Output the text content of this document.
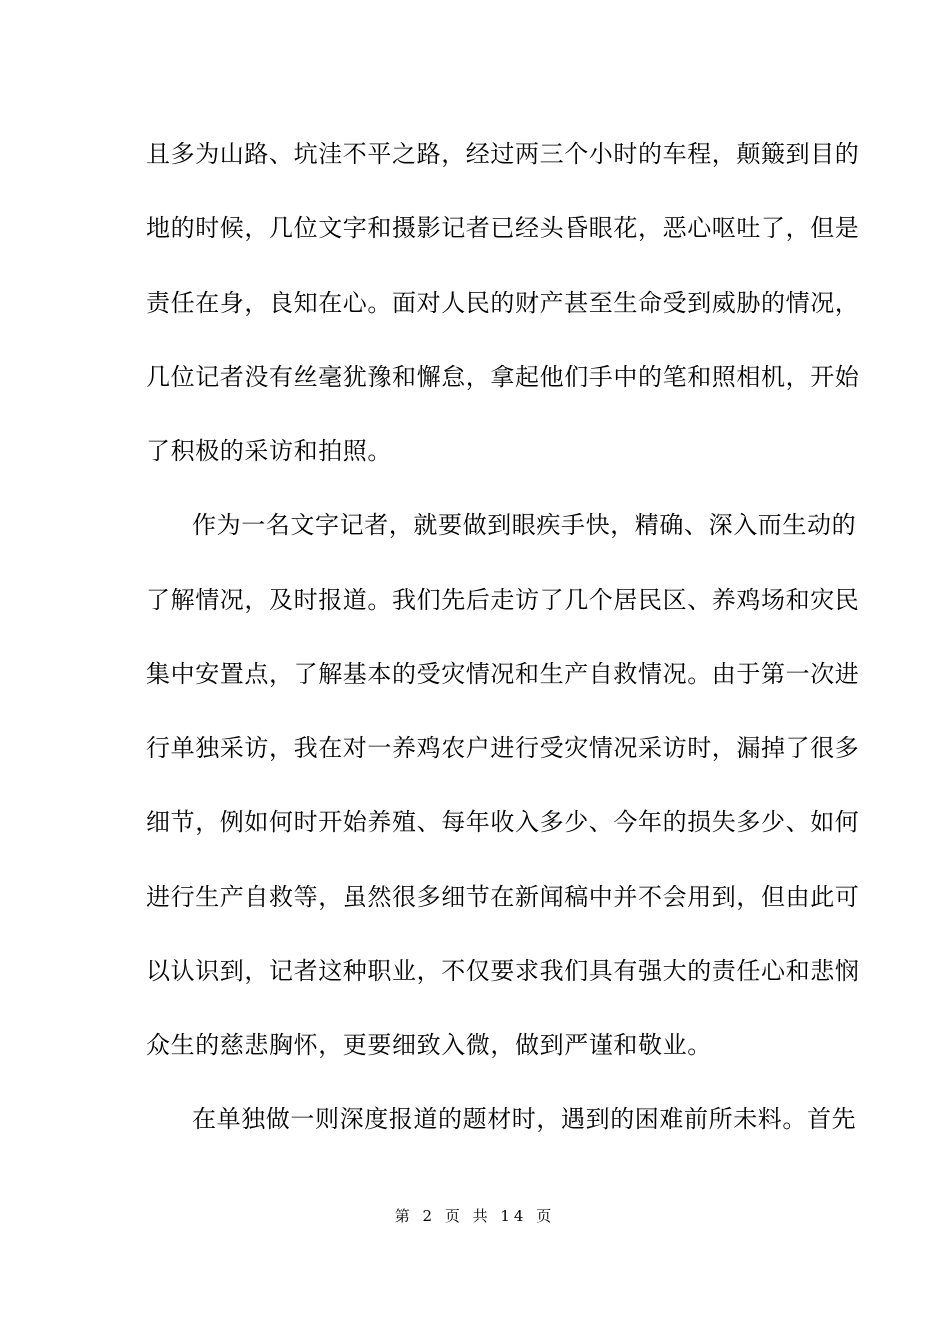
且多为山路、坑洼不平之路，经过两三个小时的车程，颠簸到目的
地的时候，几位文字和摄影记者已经头昏眼花，恶心呕吐了，但是
责任在身，良知在心。面对人民的财产甚至生命受到威胁的情况，
几位记者没有丝毫犹豫和懈怠，拿起他们手中的笔和照相机，开始
了积极的采访和拍照。
作为一名文字记者，就要做到眼疾手快，精确、深入而生动的
了解情况，及时报道。我们先后走访了几个居民区、养鸡场和灾民
集中安置点，了解基本的受灾情况和生产自救情况。由于第一次进
行单独采访，我在对一养鸡农户进行受灾情况采访时，漏掉了很多
细节，例如何时开始养殖、每年收入多少、今年的损失多少、如何
进行生产自救等，虽然很多细节在新闻稿中并不会用到，但由此可
以认识到，记者这种职业，不仅要求我们具有强大的责任心和悲悯
众生的慈悲胸怀，更要细致入微，做到严谨和敬业。
在单独做一则深度报道的题材时，遇到的困难前所未料。首先
第 2 页 共 14 页
